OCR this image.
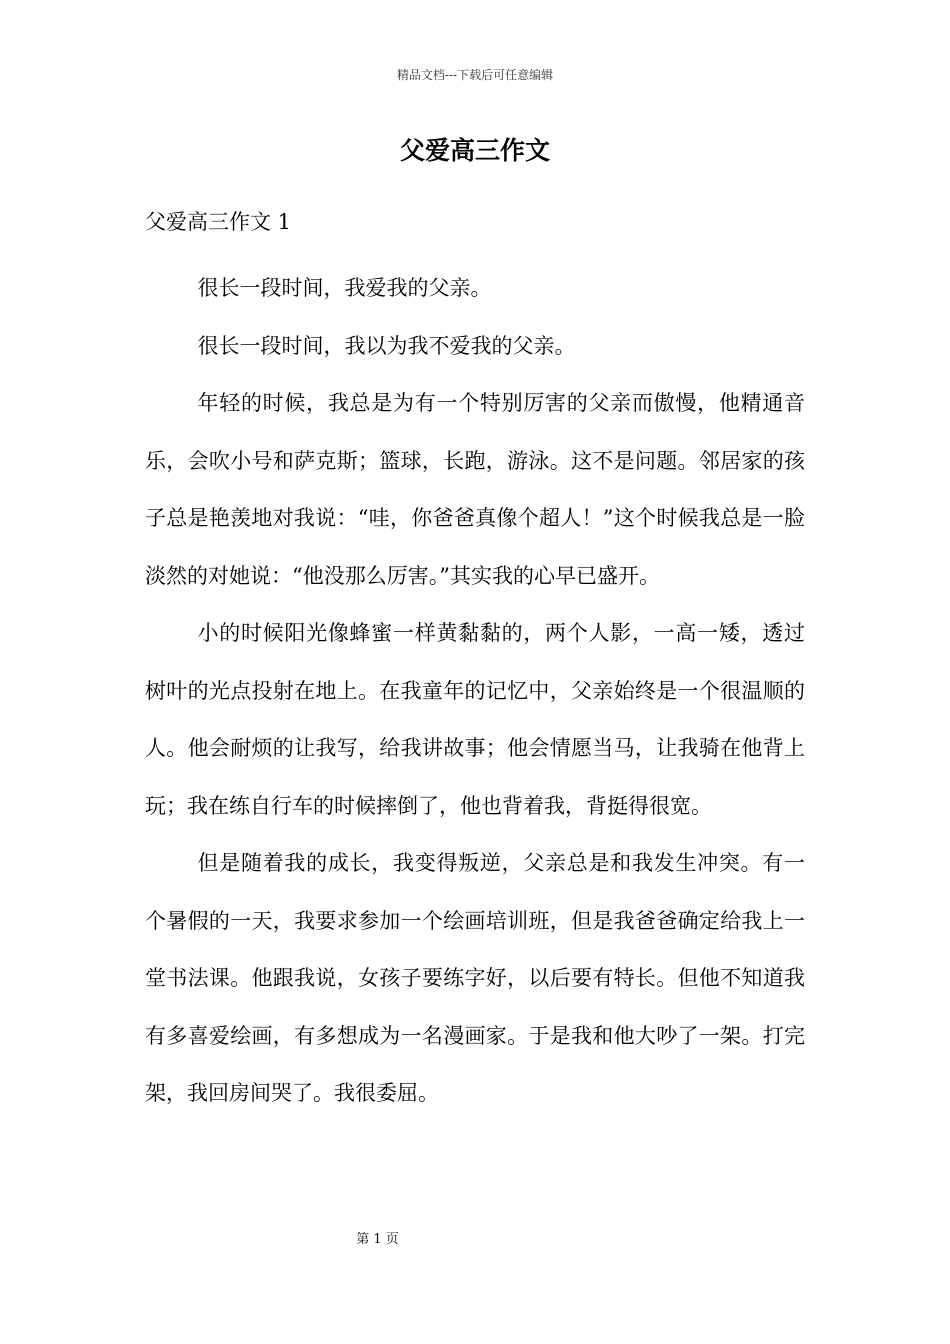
精品文档---下载后可任意编辑
父爱高三作文

父爱高三作文 1

很长一段时间，我爱我的父亲。

很长一段时间，我以为我不爱我的父亲。

年轻的时候，我总是为有一个特别厉害的父亲而傲慢，他精通音乐，会吹小号和萨克斯；篮球，长跑，游泳。这不是问题。邻居家的孩子总是艳羡地对我说：“哇，你爸爸真像个超人！”这个时候我总是一脸淡然的对她说：“他没那么厉害。”其实我的心早已盛开。

小的时候阳光像蜂蜜一样黄黏黏的，两个人影，一高一矮，透过树叶的光点投射在地上。在我童年的记忆中，父亲始终是一个很温顺的人。他会耐烦的让我写，给我讲故事；他会情愿当马，让我骑在他背上玩；我在练自行车的时候摔倒了，他也背着我，背挺得很宽。

但是随着我的成长，我变得叛逆，父亲总是和我发生冲突。有一个暑假的一天，我要求参加一个绘画培训班，但是我爸爸确定给我上一堂书法课。他跟我说，女孩子要练字好，以后要有特长。但他不知道我有多喜爱绘画，有多想成为一名漫画家。于是我和他大吵了一架。打完架，我回房间哭了。我很委屈。

第 1 页
